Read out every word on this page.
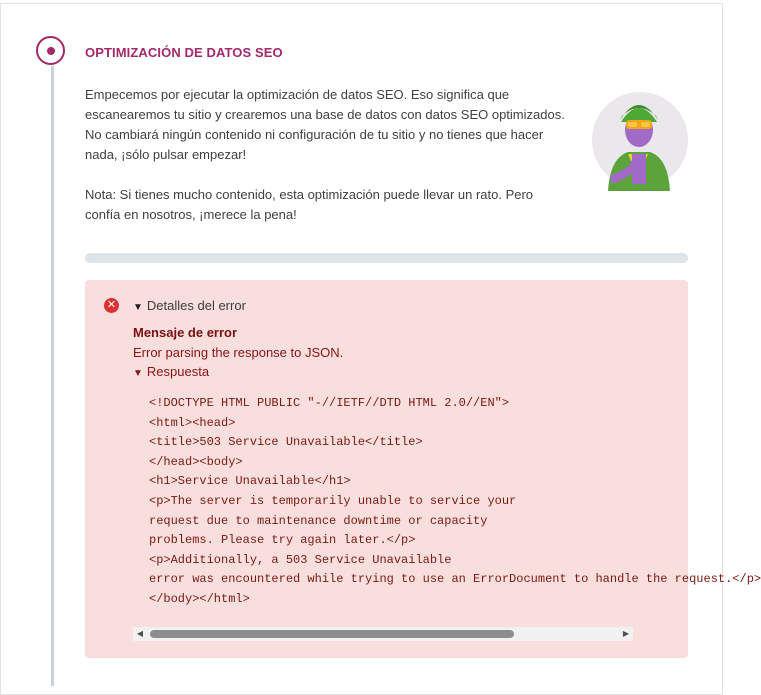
OPTIMIZACIÓN DE DATOS SEO

Empecemos por ejecutar la optimización de datos SEO. Eso significa que escanearemos tu sitio y crearemos una base de datos con datos SEO optimizados. No cambiará ningún contenido ni configuración de tu sitio y no tienes que hacer nada, ¡sólo pulsar empezar!

Nota: Si tienes mucho contenido, esta optimización puede llevar un rato. Pero confía en nosotros, ¡merece la pena!

✕ ▼ Detalles del error
Mensaje de error
Error parsing the response to JSON.
▼ Respuesta
<!DOCTYPE HTML PUBLIC "-//IETF//DTD HTML 2.0//EN">
<html><head>
<title>503 Service Unavailable</title>
</head><body>
<h1>Service Unavailable</h1>
<p>The server is temporarily unable to service your
request due to maintenance downtime or capacity
problems. Please try again later.</p>
<p>Additionally, a 503 Service Unavailable
error was encountered while trying to use an ErrorDocument to handle the request.</p>
</body></html>
◀	▶
